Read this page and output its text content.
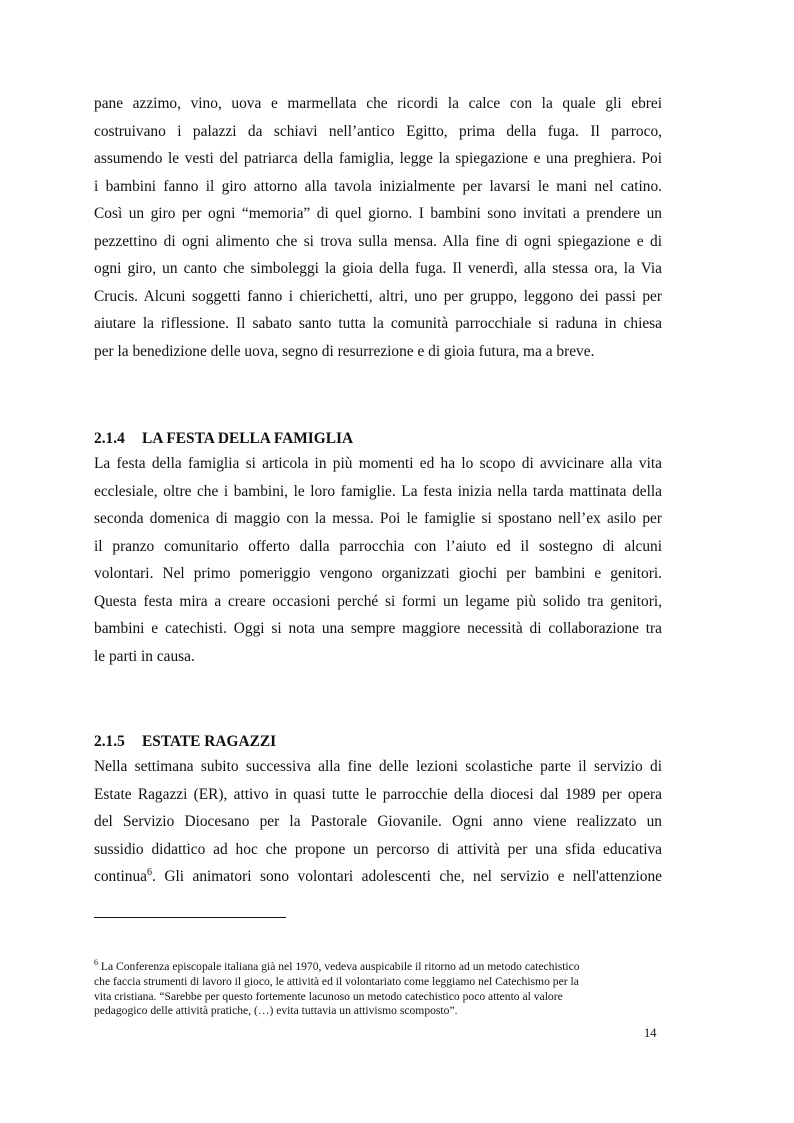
pane azzimo, vino, uova e marmellata che ricordi la calce con la quale gli ebrei
costruivano i palazzi da schiavi nell’antico Egitto, prima della fuga. Il parroco,
assumendo le vesti del patriarca della famiglia, legge la spiegazione e una preghiera. Poi
i bambini fanno il giro attorno alla tavola inizialmente per lavarsi le mani nel catino.
Così un giro per ogni “memoria” di quel giorno. I bambini sono invitati a prendere un
pezzettino di ogni alimento che si trova sulla mensa. Alla fine di ogni spiegazione e di
ogni giro, un canto che simboleggi la gioia della fuga. Il venerdì, alla stessa ora, la Via
Crucis. Alcuni soggetti fanno i chierichetti, altri, uno per gruppo, leggono dei passi per
aiutare la riflessione. Il sabato santo tutta la comunità parrocchiale si raduna in chiesa
per la benedizione delle uova, segno di resurrezione e di gioia futura, ma a breve.
2.1.4 LA FESTA DELLA FAMIGLIA
La festa della famiglia si articola in più momenti ed ha lo scopo di avvicinare alla vita
ecclesiale, oltre che i bambini, le loro famiglie. La festa inizia nella tarda mattinata della
seconda domenica di maggio con la messa. Poi le famiglie si spostano nell’ex asilo per
il pranzo comunitario offerto dalla parrocchia con l’aiuto ed il sostegno di alcuni
volontari. Nel primo pomeriggio vengono organizzati giochi per bambini e genitori.
Questa festa mira a creare occasioni perché si formi un legame più solido tra genitori,
bambini e catechisti. Oggi si nota una sempre maggiore necessità di collaborazione tra
le parti in causa.
2.1.5 ESTATE RAGAZZI
Nella settimana subito successiva alla fine delle lezioni scolastiche parte il servizio di
Estate Ragazzi (ER), attivo in quasi tutte le parrocchie della diocesi dal 1989 per opera
del Servizio Diocesano per la Pastorale Giovanile. Ogni anno viene realizzato un
sussidio didattico ad hoc che propone un percorso di attività per una sfida educativa
continua$^6$. Gli animatori sono volontari adolescenti che, nel servizio e nell'attenzione
$^6$ La Conferenza episcopale italiana già nel 1970, vedeva auspicabile il ritorno ad un metodo catechistico
che faccia strumenti di lavoro il gioco, le attività ed il volontariato come leggiamo nel Catechismo per la
vita cristiana. “Sarebbe per questo fortemente lacunoso un metodo catechistico poco attento al valore
pedagogico delle attività pratiche, (…) evita tuttavia un attivismo scomposto”.
14
